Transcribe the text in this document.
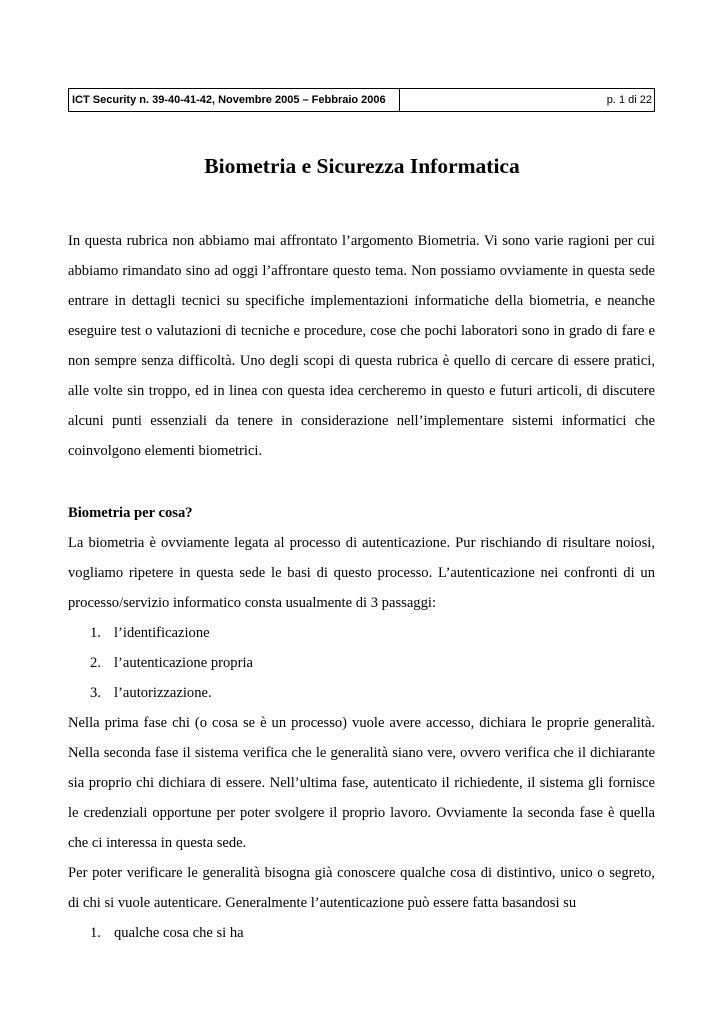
ICT Security n. 39-40-41-42, Novembre 2005 – Febbraio 2006	p. 1 di 22
Biometria e Sicurezza Informatica
In questa rubrica non abbiamo mai affrontato l’argomento Biometria. Vi sono varie ragioni per cui
abbiamo rimandato sino ad oggi l’affrontare questo tema. Non possiamo ovviamente in questa sede
entrare in dettagli tecnici su specifiche implementazioni informatiche della biometria, e neanche
eseguire test o valutazioni di tecniche e procedure, cose che pochi laboratori sono in grado di fare e
non sempre senza difficoltà. Uno degli scopi di questa rubrica è quello di cercare di essere pratici,
alle volte sin troppo, ed in linea con questa idea cercheremo in questo e futuri articoli, di discutere
alcuni punti essenziali da tenere in considerazione nell’implementare sistemi informatici che
coinvolgono elementi biometrici.
Biometria per cosa?
La biometria è ovviamente legata al processo di autenticazione. Pur rischiando di risultare noiosi,
vogliamo ripetere in questa sede le basi di questo processo. L’autenticazione nei confronti di un
processo/servizio informatico consta usualmente di 3 passaggi:
1. l’identificazione
2. l’autenticazione propria
3. l’autorizzazione.
Nella prima fase chi (o cosa se è un processo) vuole avere accesso, dichiara le proprie generalità.
Nella seconda fase il sistema verifica che le generalità siano vere, ovvero verifica che il dichiarante
sia proprio chi dichiara di essere. Nell’ultima fase, autenticato il richiedente, il sistema gli fornisce
le credenziali opportune per poter svolgere il proprio lavoro. Ovviamente la seconda fase è quella
che ci interessa in questa sede.
Per poter verificare le generalità bisogna già conoscere qualche cosa di distintivo, unico o segreto,
di chi si vuole autenticare. Generalmente l’autenticazione può essere fatta basandosi su
1. qualche cosa che si ha
